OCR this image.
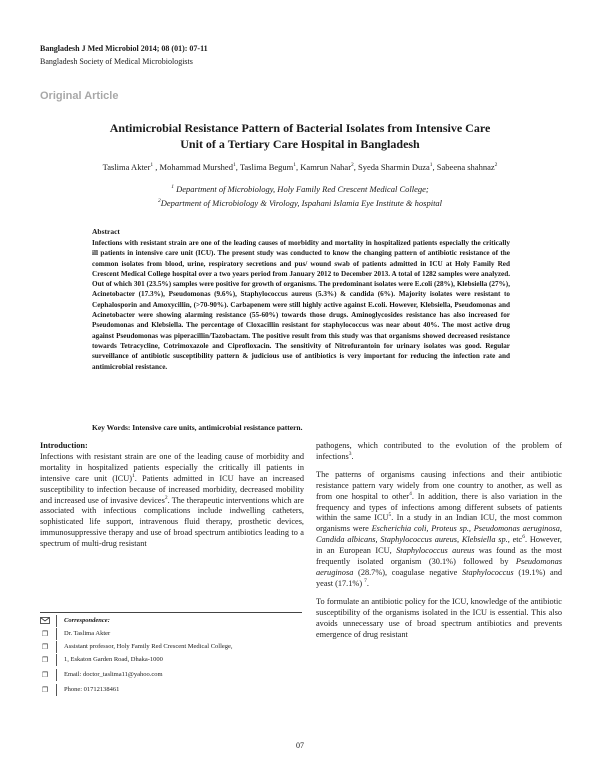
Bangladesh J Med Microbiol 2014; 08 (01): 07-11
Bangladesh Society of Medical Microbiologists
Original Article
Antimicrobial Resistance Pattern of Bacterial Isolates from Intensive Care
Unit of a Tertiary Care Hospital in Bangladesh
Taslima Akter$^1$ , Mohammad Murshed$^1$, Taslima Begum$^1$, Kamrun Nahar$^2$, Syeda Sharmin Duza$^1$, Sabeena shahnaz$^2$
$^1$ Department of Microbiology, Holy Family Red Crescent Medical College;
$^2$Department of Microbiology & Virology, Ispahani Islamia Eye Institute & hospital
Abstract
Infections with resistant strain are one of the leading causes of morbidity and mortality in hospitalized patients especially the critically ill patients in intensive care unit (ICU). The present study was conducted to know the changing pattern of antibiotic resistance of the common isolates from blood, urine, respiratory secretions and pus/ wound swab of patients admitted in ICU at Holy Family Red Crescent Medical College hospital over a two years period from January 2012 to December 2013. A total of 1282 samples were analyzed. Out of which 301 (23.5%) samples were positive for growth of organisms. The predominant isolates were E.coli (28%), Klebsiella (27%), Acinetobacter (17.3%), Pseudomonas (9.6%), Staphylococcus aureus (5.3%) & candida (6%). Majority isolates were resistant to Cephalosporin and Amoxycillin, (>70-90%). Carbapenem were still highly active against E.coli. However, Klebsiella, Pseudomonas and Acinetobacter were showing alarming resistance (55-60%) towards those drugs. Aminoglycosides resistance has also increased for Pseudomonas and Klebsiella. The percentage of Cloxacillin resistant for staphylococcus was near about 40%. The most active drug against Pseudomonas was piperacillin/Tazobactam. The positive result from this study was that organisms showed decreased resistance towards Tetracycline, Cotrimoxazole and Ciprofloxacin. The sensitivity of Nitrofurantoin for urinary isolates was good. Regular surveillance of antibiotic susceptibility pattern & judicious use of antibiotics is very important for reducing the infection rate and antimicrobial resistance.
Key Words: Intensive care units, antimicrobial resistance pattern.
Introduction:
Infections with resistant strain are one of the leading cause of morbidity and mortality in hospitalized patients especially the critically ill patients in intensive care unit (ICU)$^1$. Patients admitted in ICU have an increased susceptibility to infection because of increased morbidity, decreased mobility and increased use of invasive devices$^2$. The therapeutic interventions which are associated with infectious complications include indwelling catheters, sophisticated life support, intravenous fluid therapy, prosthetic devices, immunosuppressive therapy and use of broad spectrum antibiotics leading to a spectrum of multi-drug resistant

pathogens, which contributed to the evolution of the problem of infections$^3$.

The patterns of organisms causing infections and their antibiotic resistance pattern vary widely from one country to another, as well as from one hospital to other$^4$. In addition, there is also variation in the frequency and types of infections among different subsets of patients within the same ICU$^5$. In a study in an Indian ICU, the most common organisms were Escherichia coli, Proteus sp., Pseudomonas aeruginosa, Candida albicans, Staphylococcus aureus, Klebsiella sp., etc$^6$. However, in an European ICU, Staphylococcus aureus was found as the most frequently isolated organism (30.1%) followed by Pseudomonas aeruginosa (28.7%), coagulase negative Staphylococcus (19.1%) and yeast (17.1%) $^7$.

To formulate an antibiotic policy for the ICU, knowledge of the antibiotic susceptibility of the organisms isolated in the ICU is essential. This also avoids unnecessary use of broad spectrum antibiotics and prevents emergence of drug resistant

Correspondence:
❐ Dr. Taslima Akter
❐ Assistant professor, Holy Family Red Crescent Medical College,
❐ 1, Eskaton Garden Road, Dhaka-1000
❐ Email: doctor_taslima11@yahoo.com
❐ Phone: 01712138461
07
